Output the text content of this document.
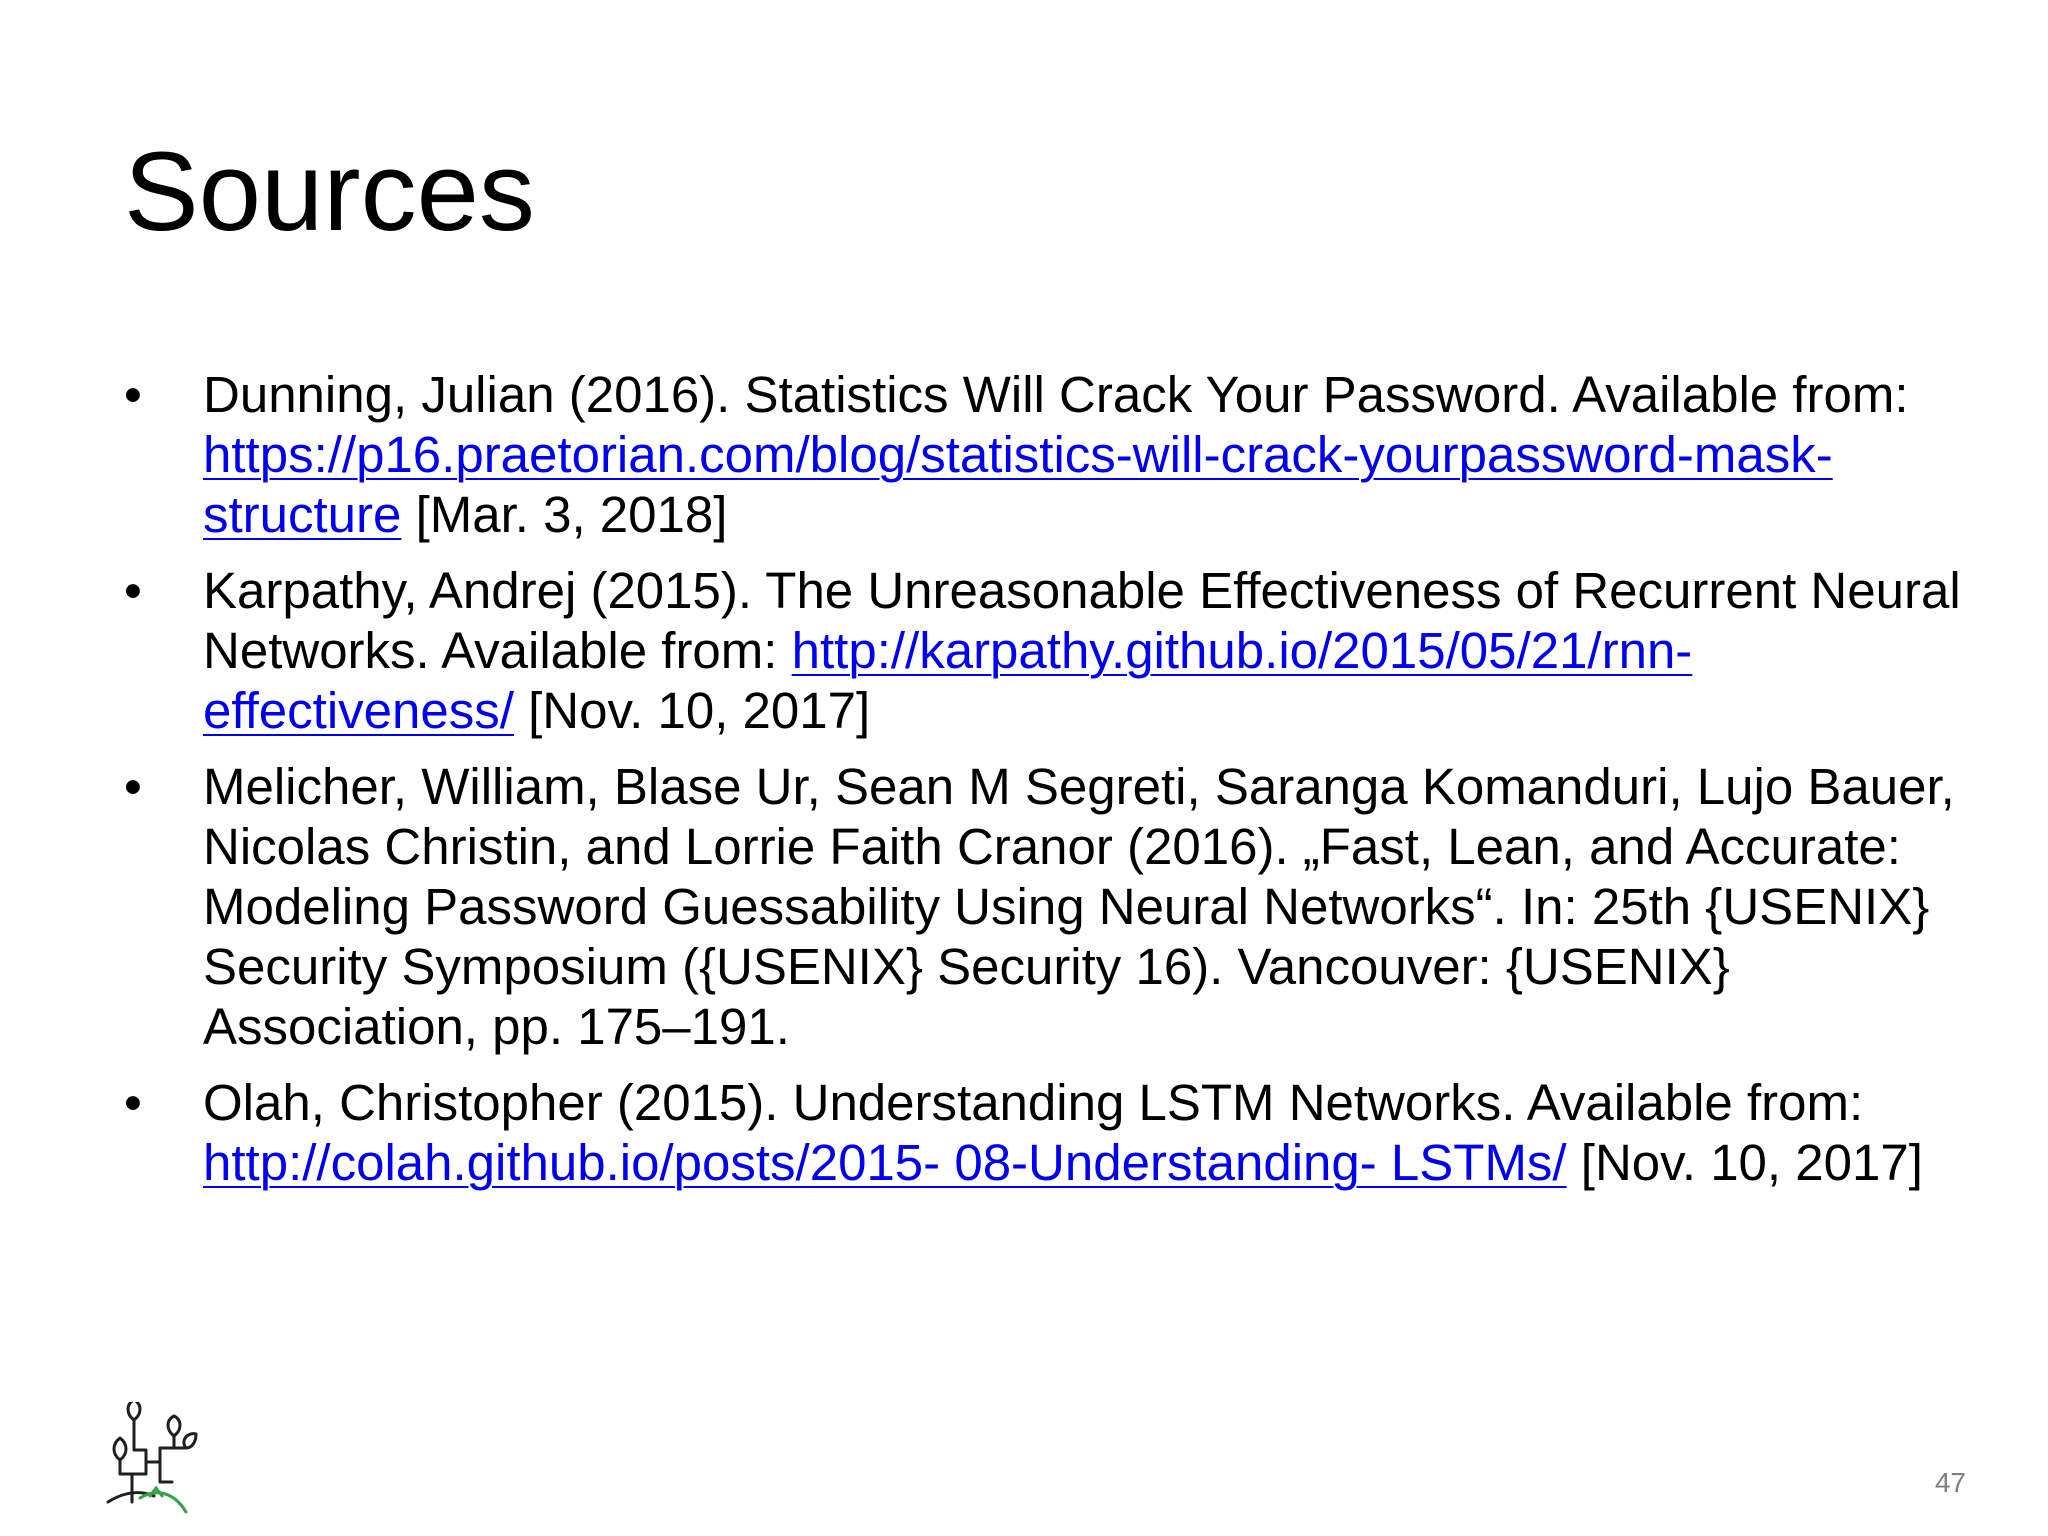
Sources
•	Dunning, Julian (2016). Statistics Will Crack Your Password. Available from: https://p16.praetorian.com/blog/statistics-will-crack-yourpassword-mask-structure [Mar. 3, 2018]
•	Karpathy, Andrej (2015). The Unreasonable Effectiveness of Recurrent Neural Networks. Available from: http://karpathy.github.io/2015/05/21/rnn-effectiveness/ [Nov. 10, 2017]
•	Melicher, William, Blase Ur, Sean M Segreti, Saranga Komanduri, Lujo Bauer, Nicolas Christin, and Lorrie Faith Cranor (2016). „Fast, Lean, and Accurate: Modeling Password Guessability Using Neural Networks“. In: 25th {USENIX} Security Symposium ({USENIX} Security 16). Vancouver: {USENIX} Association, pp. 175–191.
•	Olah, Christopher (2015). Understanding LSTM Networks. Available from: http://colah.github.io/posts/2015- 08-Understanding- LSTMs/ [Nov. 10, 2017]
47
